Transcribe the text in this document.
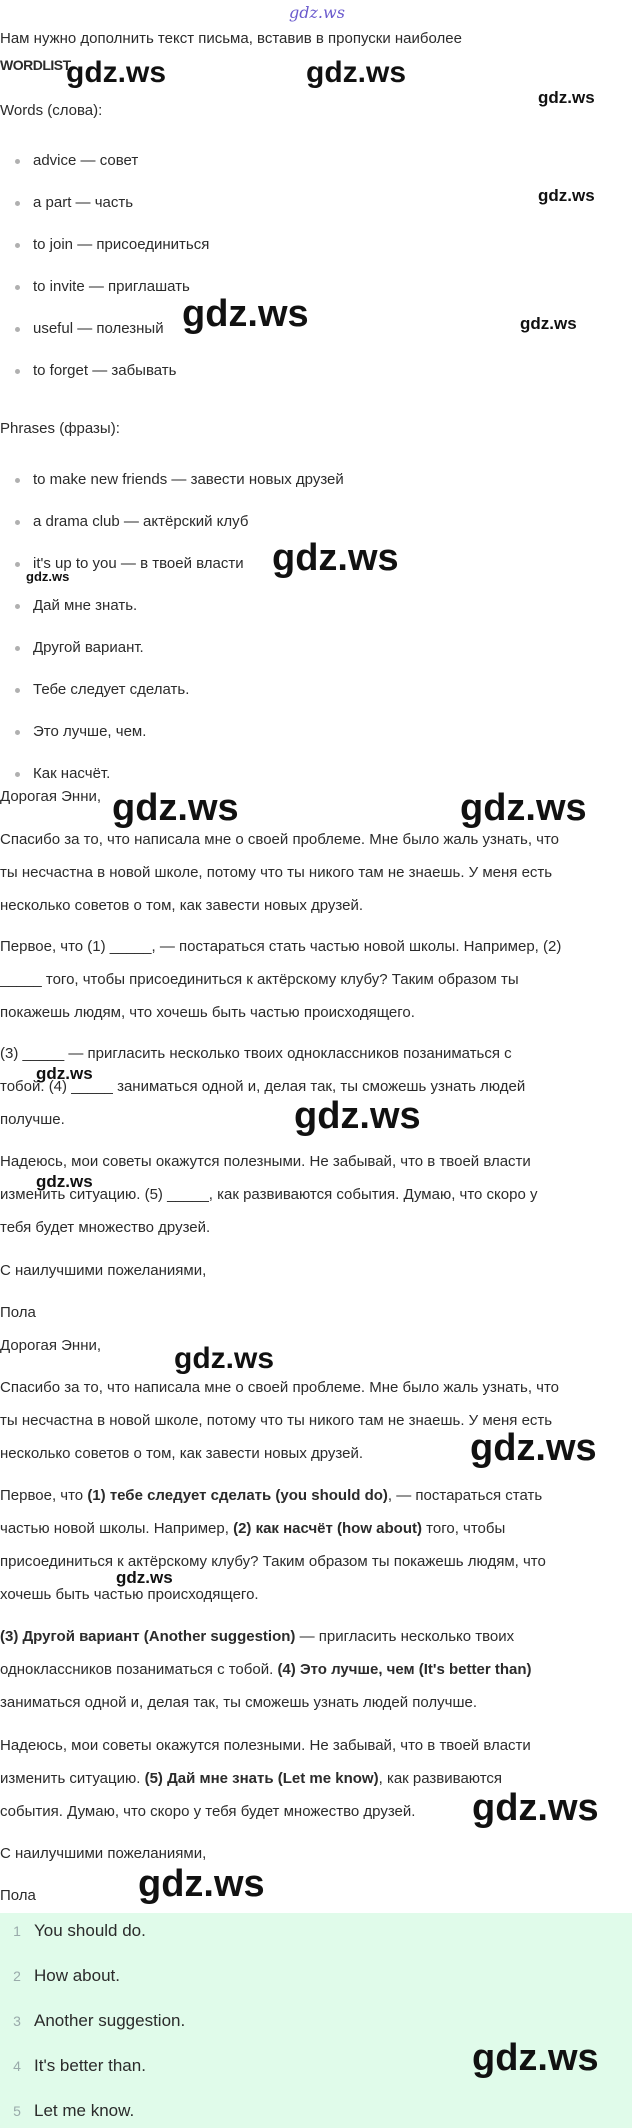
gdz.ws
Нам нужно дополнить текст письма, вставив в пропуски наиболее
WORDLIST
Words (слова):
advice — совет
a part — часть
to join — присоединиться
to invite — приглашать
useful — полезный
to forget — забывать
Phrases (фразы):
to make new friends — завести новых друзей
a drama club — актёрский клуб
it's up to you — в твоей власти
Дай мне знать.
Другой вариант.
Тебе следует сделать.
Это лучше, чем.
Как насчёт.
Дорогая Энни,
Спасибо за то, что написала мне о своей проблеме. Мне было жаль узнать, что
ты несчастна в новой школе, потому что ты никого там не знаешь. У меня есть
несколько советов о том, как завести новых друзей.
Первое, что (1) _____, — постараться стать частью новой школы. Например, (2)
_____ того, чтобы присоединиться к актёрскому клубу? Таким образом ты
покажешь людям, что хочешь быть частью происходящего.
(3) _____ — пригласить несколько твоих одноклассников позаниматься с
тобой. (4) _____ заниматься одной и, делая так, ты сможешь узнать людей
получше.
Надеюсь, мои советы окажутся полезными. Не забывай, что в твоей власти
изменить ситуацию. (5) _____, как развиваются события. Думаю, что скоро у
тебя будет множество друзей.
С наилучшими пожеланиями,
Пола
Дорогая Энни,
Спасибо за то, что написала мне о своей проблеме. Мне было жаль узнать, что
ты несчастна в новой школе, потому что ты никого там не знаешь. У меня есть
несколько советов о том, как завести новых друзей.
Первое, что (1) тебе следует сделать (you should do), — постараться стать
частью новой школы. Например, (2) как насчёт (how about) того, чтобы
присоединиться к актёрскому клубу? Таким образом ты покажешь людям, что
хочешь быть частью происходящего.
(3) Другой вариант (Another suggestion) — пригласить несколько твоих
одноклассников позаниматься с тобой. (4) Это лучше, чем (It's better than)
заниматься одной и, делая так, ты сможешь узнать людей получше.
Надеюсь, мои советы окажутся полезными. Не забывай, что в твоей власти
изменить ситуацию. (5) Дай мне знать (Let me know), как развиваются
события. Думаю, что скоро у тебя будет множество друзей.
С наилучшими пожеланиями,
Пола
1 You should do.
2 How about.
3 Another suggestion.
4 It's better than.
5 Let me know.
gdz.ws	gdz.ws
gdz.ws
gdz.ws
gdz.ws	gdz.ws
gdz.ws
gdz.ws
gdz.ws	gdz.ws
gdz.ws
gdz.ws
gdz.ws
gdz.ws
gdz.ws
gdz.ws
gdz.ws
gdz.ws
gdz.ws
